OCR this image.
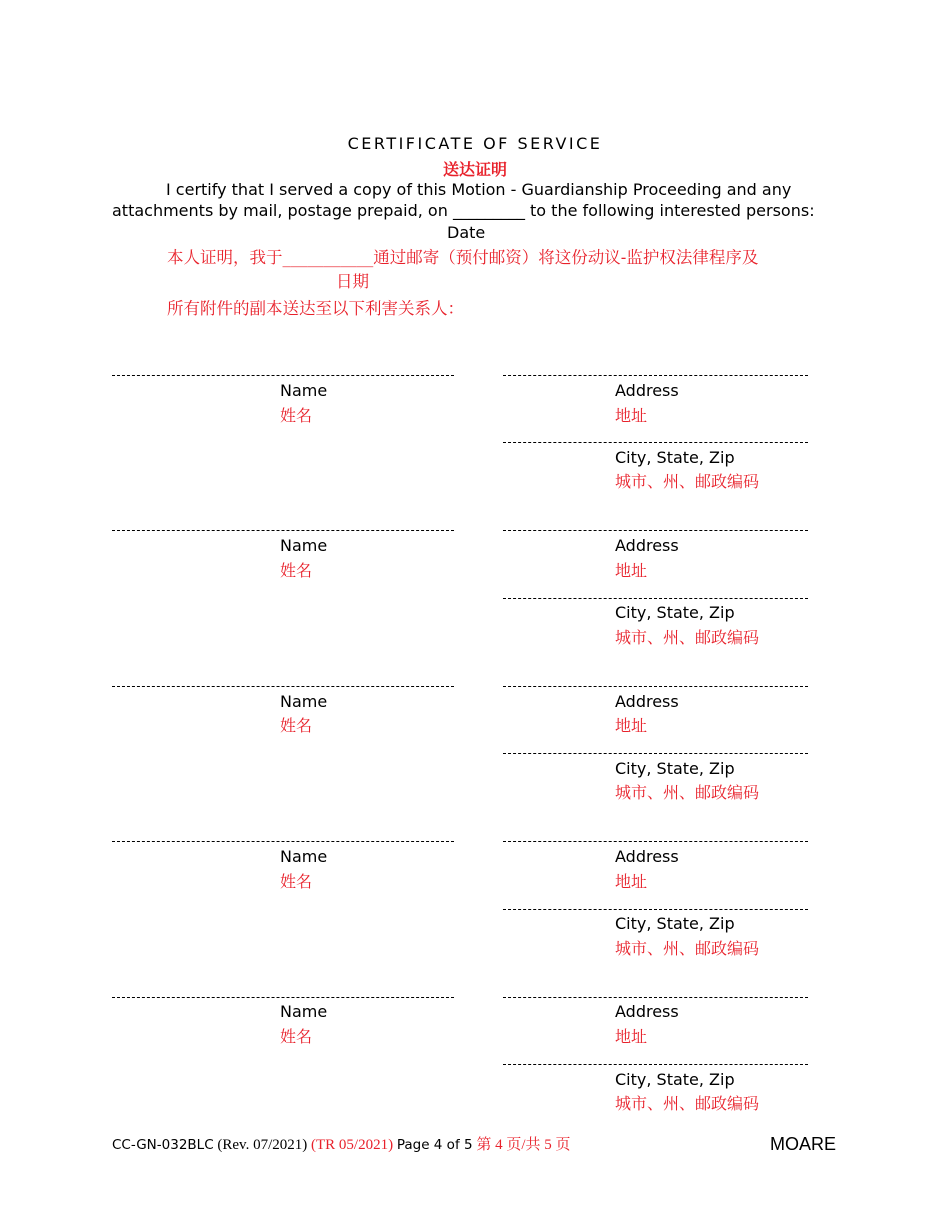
CERTIFICATE OF SERVICE
送达证明
I certify that I served a copy of this Motion - Guardianship Proceeding and any
attachments by mail, postage prepaid, on _________ to the following interested persons:
Date
本人证明，我于___________通过邮寄（预付邮资）将这份动议-监护权法律程序及
日期
所有附件的副本送达至以下利害关系人：
Name
姓名
Address
地址
City, State, Zip
城市、州、邮政编码
Name
姓名
Address
地址
City, State, Zip
城市、州、邮政编码
Name
姓名
Address
地址
City, State, Zip
城市、州、邮政编码
Name
姓名
Address
地址
City, State, Zip
城市、州、邮政编码
Name
姓名
Address
地址
City, State, Zip
城市、州、邮政编码
CC-GN-032BLC (Rev. 07/2021) (TR 05/2021) Page 4 of 5 第 4 页/共 5 页	MOARE
